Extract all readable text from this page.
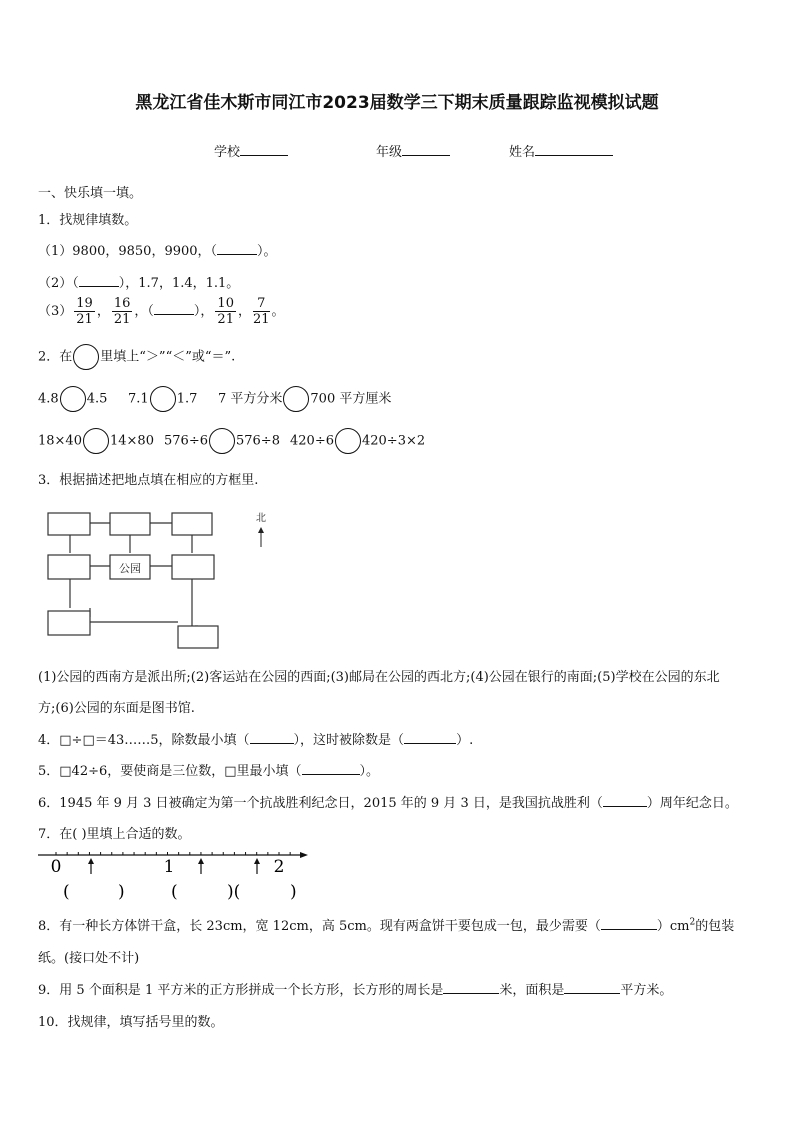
黑龙江省佳木斯市同江市2023届数学三下期末质量跟踪监视模拟试题
学校	年级	姓名
一、快乐填一填。
1．找规律填数。
（1）9800，9850，9900，（	）。
（2）（	），1.7，1.4，1.1。
$(3) \frac{19}{21}$ ， $\frac{16}{21}$ ，（	）， $\frac{10}{21}$ ， $\frac{7}{21}$ 。
2．在 里填上“＞”“＜”或“＝”.
4.8 4.5 7.1 1.7 7 平方分米 700 平方厘米
18×40 14×80 576÷6 576÷8 420÷6 420÷3×2
3．根据描述把地点填在相应的方框里.
公园
北
(1)公园的西南方是派出所;(2)客运站在公园的西面;(3)邮局在公园的西北方;(4)公园在银行的南面;(5)学校在公园的东北
方;(6)公园的东面是图书馆.
4．□÷□＝43……5，除数最小填（	），这时被除数是（	）.
5．□42÷6，要使商是三位数，□里最小填（	）。
6．1945 年 9 月 3 日被确定为第一个抗战胜利纪念日，2015 年的 9 月 3 日，是我国抗战胜利（	）周年纪念日。
7．在( )里填上合适的数。
0	1	2
(	)	(	)(	)
8．有一种长方体饼干盒，长 23cm，宽 12cm，高 5cm。现有两盒饼干要包成一包，最少需要（	）$cm^2$的包装
纸。(接口处不计)
9．用 5 个面积是 1 平方米的正方形拼成一个长方形，长方形的周长是	米，面积是	平方米。
10．找规律，填写括号里的数。
